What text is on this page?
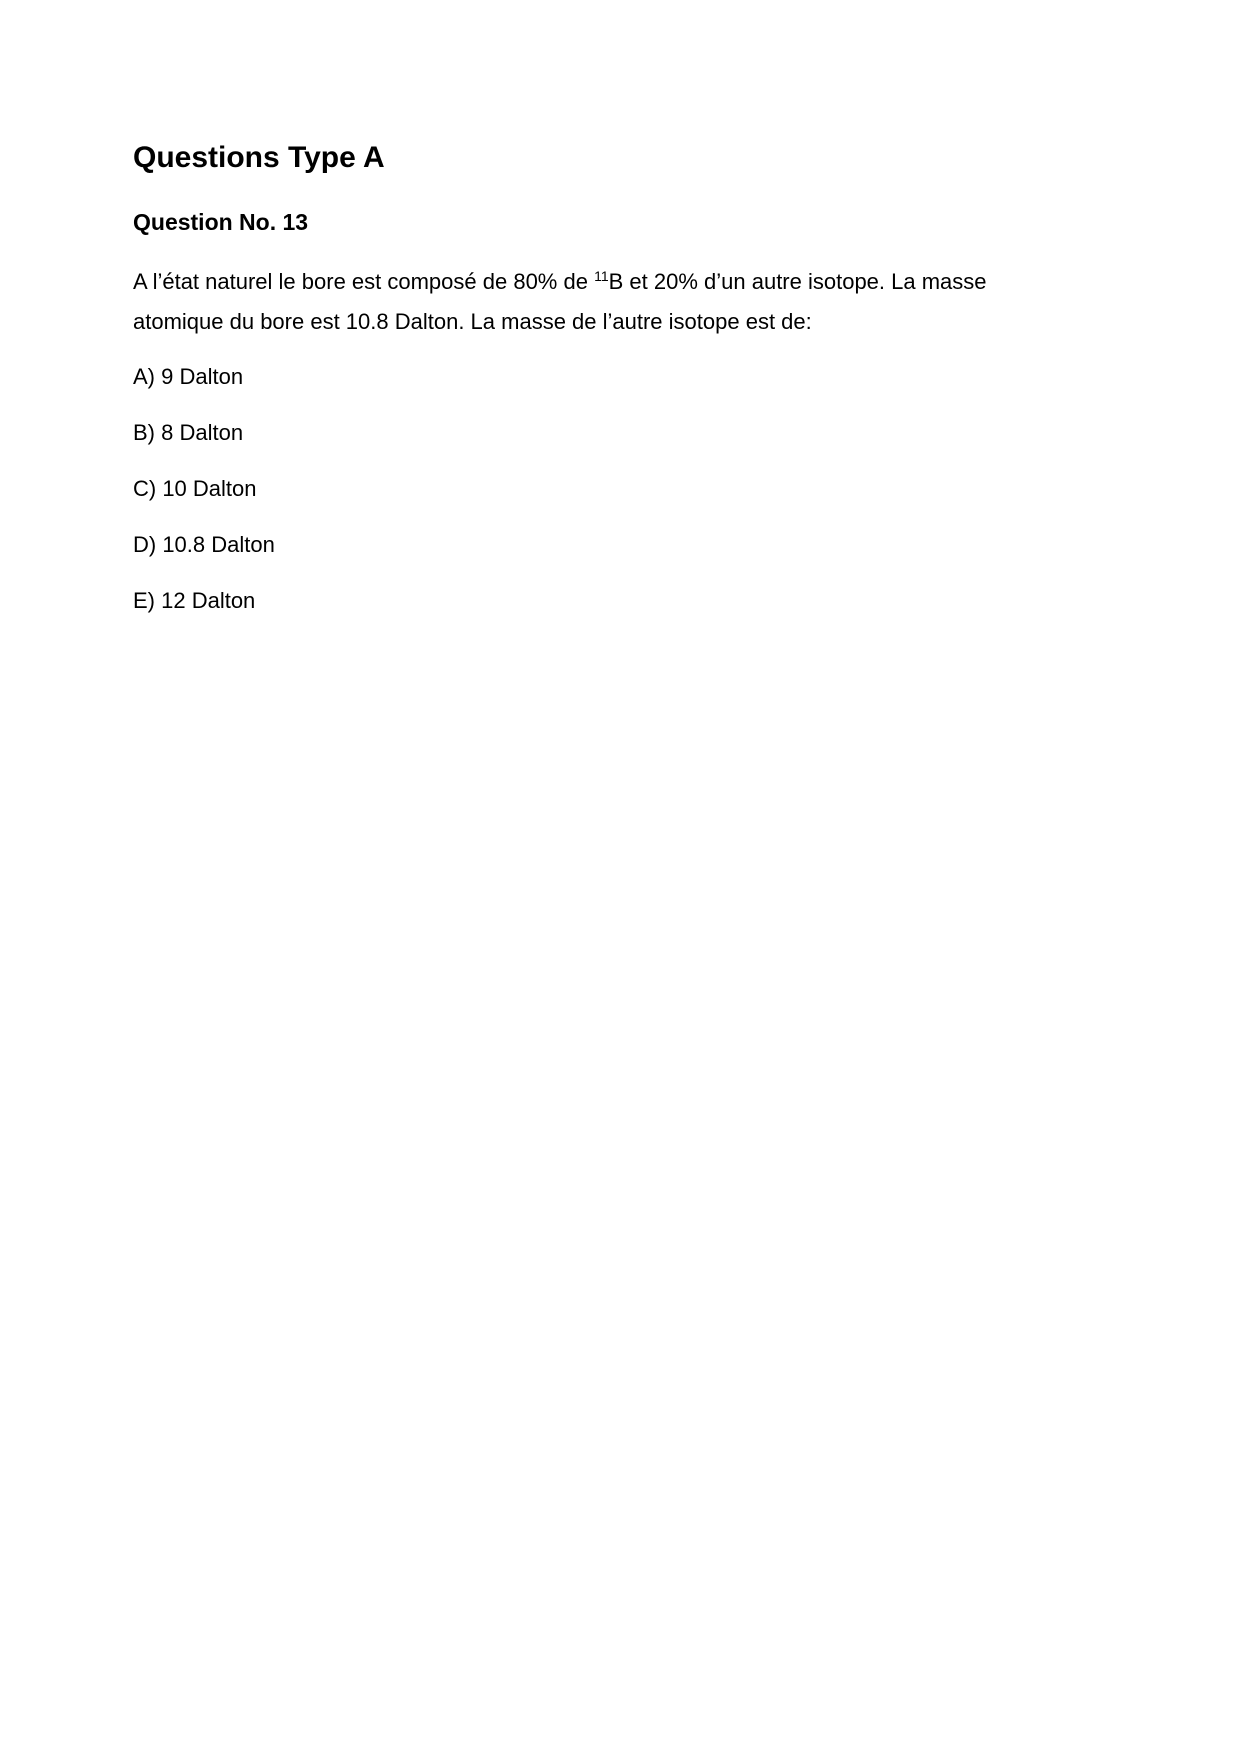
Questions Type A
Question No. 13

A l’état naturel le bore est composé de 80% de $^{11}$B et 20% d’un autre isotope. La masse atomique du bore est 10.8 Dalton. La masse de l’autre isotope est de:

A) 9 Dalton
B) 8 Dalton
C) 10 Dalton
D) 10.8 Dalton
E) 12 Dalton
